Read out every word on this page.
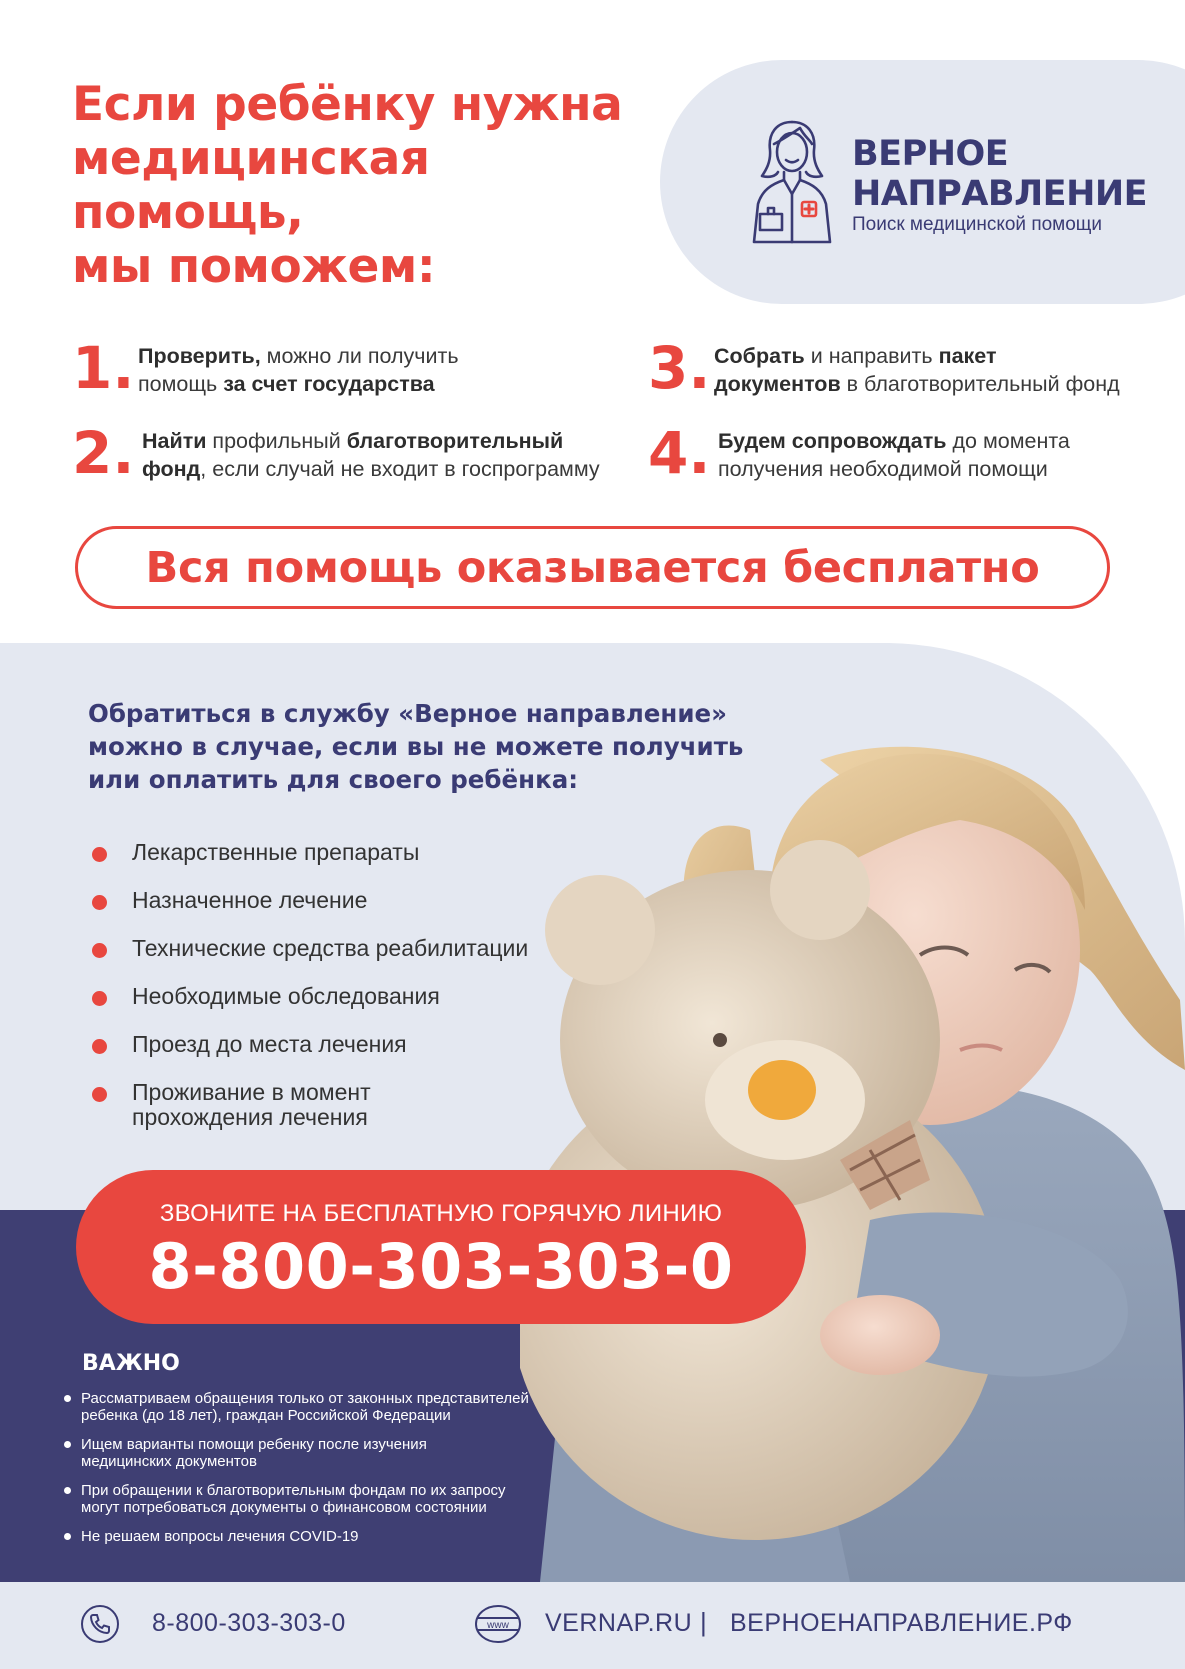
Если ребёнку нужна
медицинская
помощь,
мы поможем:
ВЕРНОЕ
НАПРАВЛЕНИЕ
Поиск медицинской помощи
1. Проверить, можно ли получить
помощь за счет государства
2. Найти профильный благотворительный
фонд, если случай не входит в госпрограмму
3. Собрать и направить пакет
документов в благотворительный фонд
4. Будем сопровождать до момента
получения необходимой помощи
Вся помощь оказывается бесплатно
Обратиться в службу «Верное направление»
можно в случае, если вы не можете получить
или оплатить для своего ребёнка:
Лекарственные препараты
Назначенное лечение
Технические средства реабилитации
Необходимые обследования
Проезд до места лечения
Проживание в момент
прохождения лечения
ЗВОНИТЕ НА БЕСПЛАТНУЮ ГОРЯЧУЮ ЛИНИЮ
8-800-303-303-0
ВАЖНО
Рассматриваем обращения только от законных представителей
ребенка (до 18 лет), граждан Российской Федерации
Ищем варианты помощи ребенку после изучения
медицинских документов
При обращении к благотворительным фондам по их запросу
могут потребоваться документы о финансовом состоянии
Не решаем вопросы лечения COVID-19
8-800-303-303-0	www VERNAP.RU | ВЕРНОЕНАПРАВЛЕНИЕ.РФ
